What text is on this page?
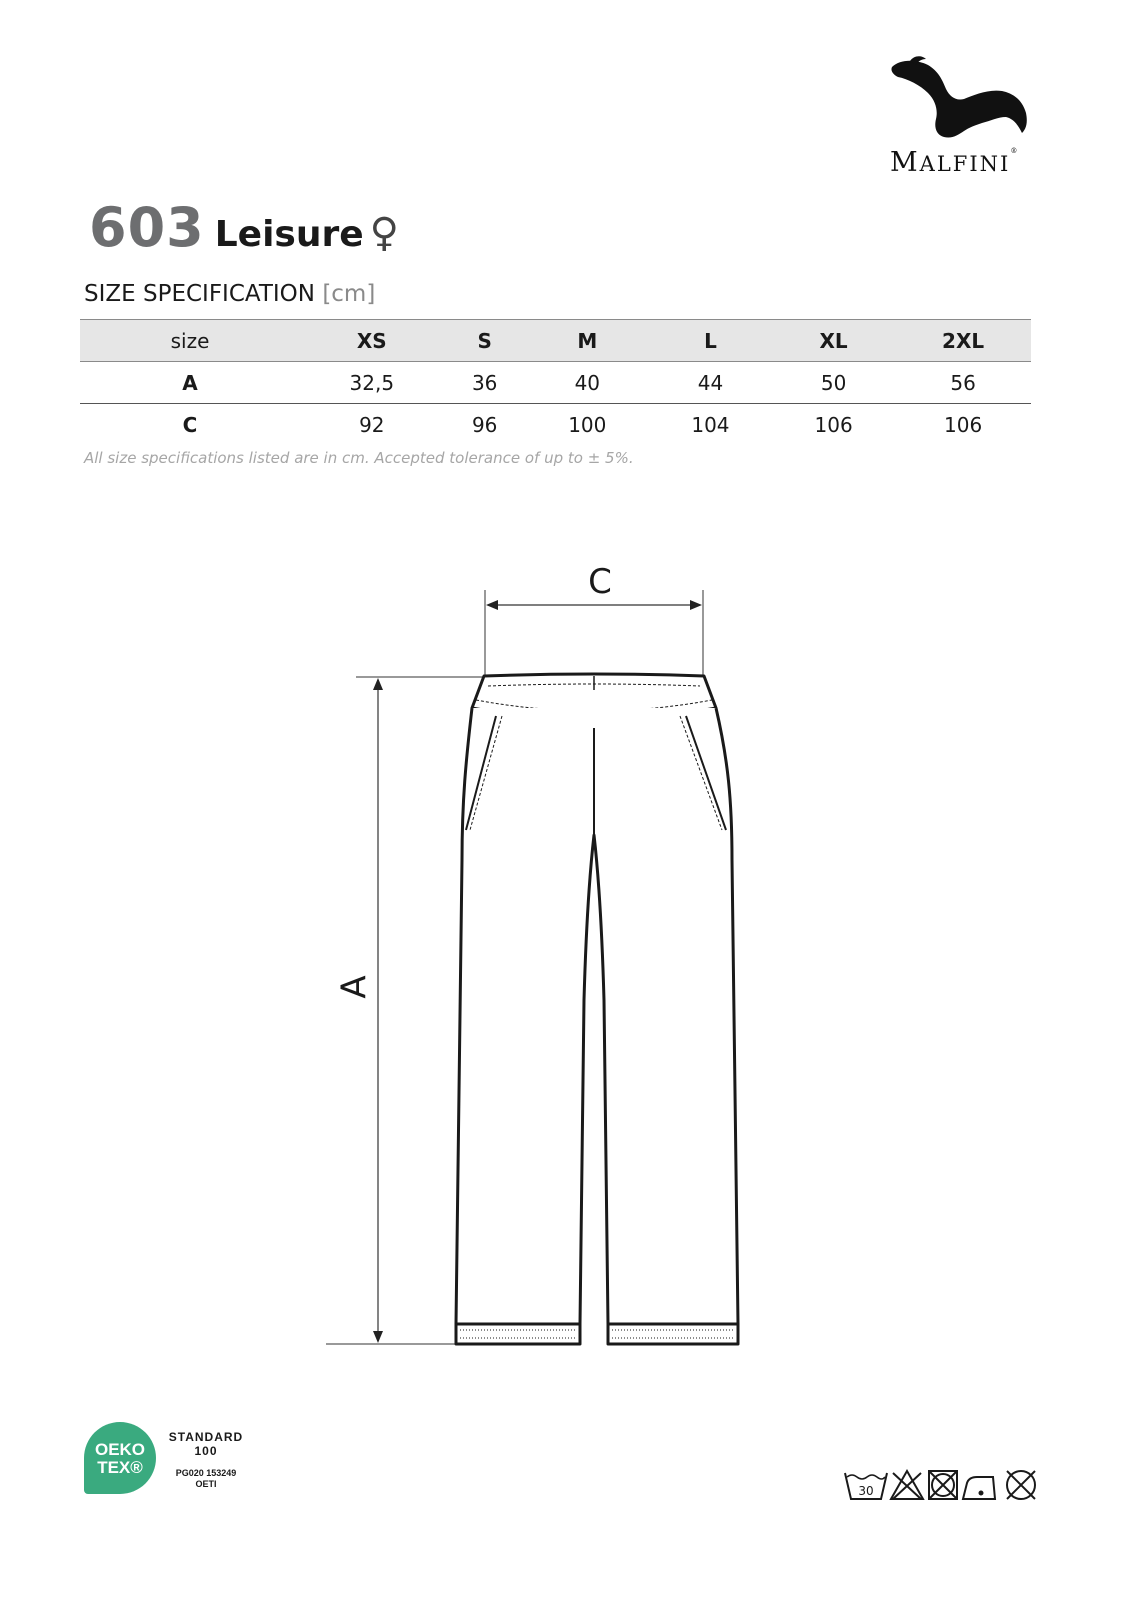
MALFINI®
603 Leisure ♀
SIZE SPECIFICATION [cm]
size	XS	S	M	L	XL	2XL
A	32,5	36	40	44	50	56
C	92	96	100	104	106	106
All size specifications listed are in cm. Accepted tolerance of up to ± 5%.
C
A
OEKO
TEX®
STANDARD
100
PG020 153249
OETI	30
